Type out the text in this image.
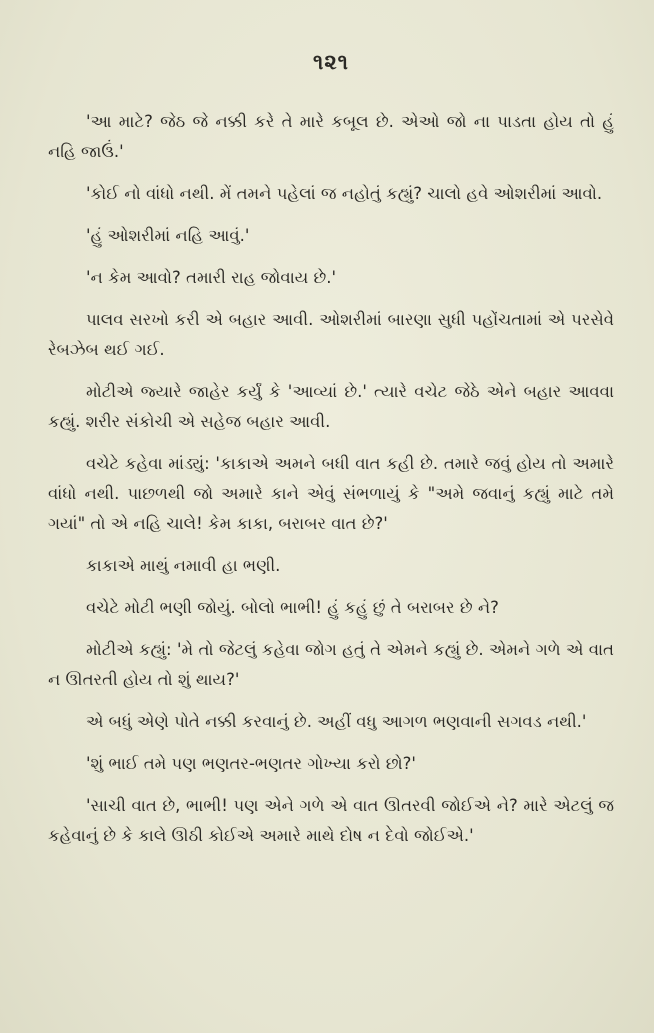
૧૨૧

'આ માટે? જેઠ જે નક્કી કરે તે મારે કબૂલ છે. એઓ જો ના પાડતા હોય તો હું નહિ જાઉં.'

'કોઈ નો વાંધો નથી. મેં તમને પહેલાં જ નહોતું કહ્યું? ચાલો હવે ઓશરીમાં આવો.

'હું ઓશરીમાં નહિ આવું.'

'ન કેમ આવો? તમારી રાહ જોવાય છે.'

પાલવ સરખો કરી એ બહાર આવી. ઓશરીમાં બારણા સુધી પહોંચતામાં એ પરસેવે રેબઝેબ થઈ ગઈ.

મોટીએ જ્યારે જાહેર કર્યું કે 'આવ્યાં છે.' ત્યારે વચેટ જેઠે એને બહાર આવવા કહ્યું. શરીર સંકોચી એ સહેજ બહાર આવી.

વચેટે કહેવા માંડ્યું: 'કાકાએ અમને બધી વાત કહી છે. તમારે જવું હોય તો અમારે વાંધો નથી. પાછળથી જો અમારે કાને એવું સંભળાયું કે "અમે જવાનું કહ્યું માટે તમે ગયાં" તો એ નહિ ચાલે! કેમ કાકા, બરાબર વાત છે?'

કાકાએ માથું નમાવી હા ભણી.

વચેટે મોટી ભણી જોયું. બોલો ભાભી! હું કહું છું તે બરાબર છે ને?

મોટીએ કહ્યું: 'મે તો જેટલું કહેવા જોગ હતું તે એમને કહ્યું છે. એમને ગળે એ વાત ન ઊતરતી હોય તો શું થાય?'

એ બધું એણે પોતે નક્કી કરવાનું છે. અહીં વધુ આગળ ભણવાની સગવડ નથી.'

'શું ભાઈ તમે પણ ભણતર-ભણતર ગોખ્યા કરો છો?'

'સાચી વાત છે, ભાભી! પણ એને ગળે એ વાત ઊતરવી જોઈએ ને? મારે એટલું જ કહેવાનું છે કે કાલે ઊઠી કોઈએ અમારે માથે દોષ ન દેવો જોઈએ.'
